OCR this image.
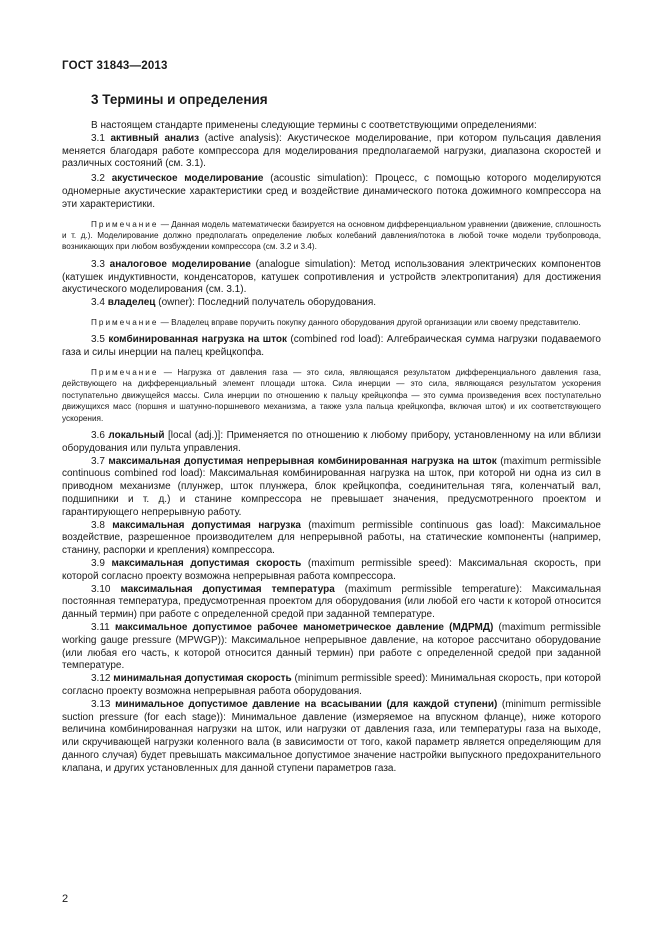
ГОСТ 31843—2013
3 Термины и определения

В настоящем стандарте применены следующие термины с соответствующими определениями:

3.1 активный анализ (active analysis): Акустическое моделирование, при котором пульсация давления меняется благодаря работе компрессора для моделирования предполагаемой нагрузки, диапазона скоростей и различных состояний (см. 3.1).

3.2 акустическое моделирование (acoustic simulation): Процесс, с помощью которого моделируются одномерные акустические характеристики сред и воздействие динамического потока дожимного компрессора на эти характеристики.

Примечание — Данная модель математически базируется на основном дифференциальном уравнении (движение, сплошность и т. д.). Моделирование должно предполагать определение любых колебаний давления/потока в любой точке модели трубопровода, возникающих при любом возбуждении компрессора (см. 3.2 и 3.4).

3.3 аналоговое моделирование (analogue simulation): Метод использования электрических компонентов (катушек индуктивности, конденсаторов, катушек сопротивления и устройств электропитания) для достижения акустического моделирования (см. 3.1).

3.4 владелец (owner): Последний получатель оборудования.

Примечание — Владелец вправе поручить покупку данного оборудования другой организации или своему представителю.

3.5 комбинированная нагрузка на шток (combined rod load): Алгебраическая сумма нагрузки подаваемого газа и силы инерции на палец крейцкопфа.

Примечание — Нагрузка от давления газа — это сила, являющаяся результатом дифференциального давления газа, действующего на дифференциальный элемент площади штока. Сила инерции — это сила, являющаяся результатом ускорения поступательно движущейся массы. Сила инерции по отношению к пальцу крейцкопфа — это сумма произведения всех поступательно движущихся масс (поршня и шатунно-поршневого механизма, а также узла пальца крейцкопфа, включая шток) и их соответствующего ускорения.

3.6 локальный [local (adj.)]: Применяется по отношению к любому прибору, установленному на или вблизи оборудования или пульта управления.

3.7 максимальная допустимая непрерывная комбинированная нагрузка на шток (maximum permissible continuous combined rod load): Максимальная комбинированная нагрузка на шток, при которой ни одна из сил в приводном механизме (плунжер, шток плунжера, блок крейцкопфа, соединительная тяга, коленчатый вал, подшипники и т. д.) и станине компрессора не превышает значения, предусмотренного проектом и гарантирующего непрерывную работу.

3.8 максимальная допустимая нагрузка (maximum permissible continuous gas load): Максимальное воздействие, разрешенное производителем для непрерывной работы, на статические компоненты (например, станину, распорки и крепления) компрессора.

3.9 максимальная допустимая скорость (maximum permissible speed): Максимальная скорость, при которой согласно проекту возможна непрерывная работа компрессора.

3.10 максимальная допустимая температура (maximum permissible temperature): Максимальная постоянная температура, предусмотренная проектом для оборудования (или любой его части к которой относится данный термин) при работе с определенной средой при заданной температуре.

3.11 максимальное допустимое рабочее манометрическое давление (МДРМД) (maximum permissible working gauge pressure (MPWGP)): Максимальное непрерывное давление, на которое рассчитано оборудование (или любая его часть, к которой относится данный термин) при работе с определенной средой при заданной температуре.

3.12 минимальная допустимая скорость (minimum permissible speed): Минимальная скорость, при которой согласно проекту возможна непрерывная работа оборудования.

3.13 минимальное допустимое давление на всасывании (для каждой ступени) (minimum permissible suction pressure (for each stage)): Минимальное давление (измеряемое на впускном фланце), ниже которого величина комбинированная нагрузки на шток, или нагрузки от давления газа, или температуры газа на выходе, или скручивающей нагрузки коленного вала (в зависимости от того, какой параметр является определяющим для данного случая) будет превышать максимальное допустимое значение настройки выпускного предохранительного клапана, и других установленных для данной ступени параметров газа.

2
